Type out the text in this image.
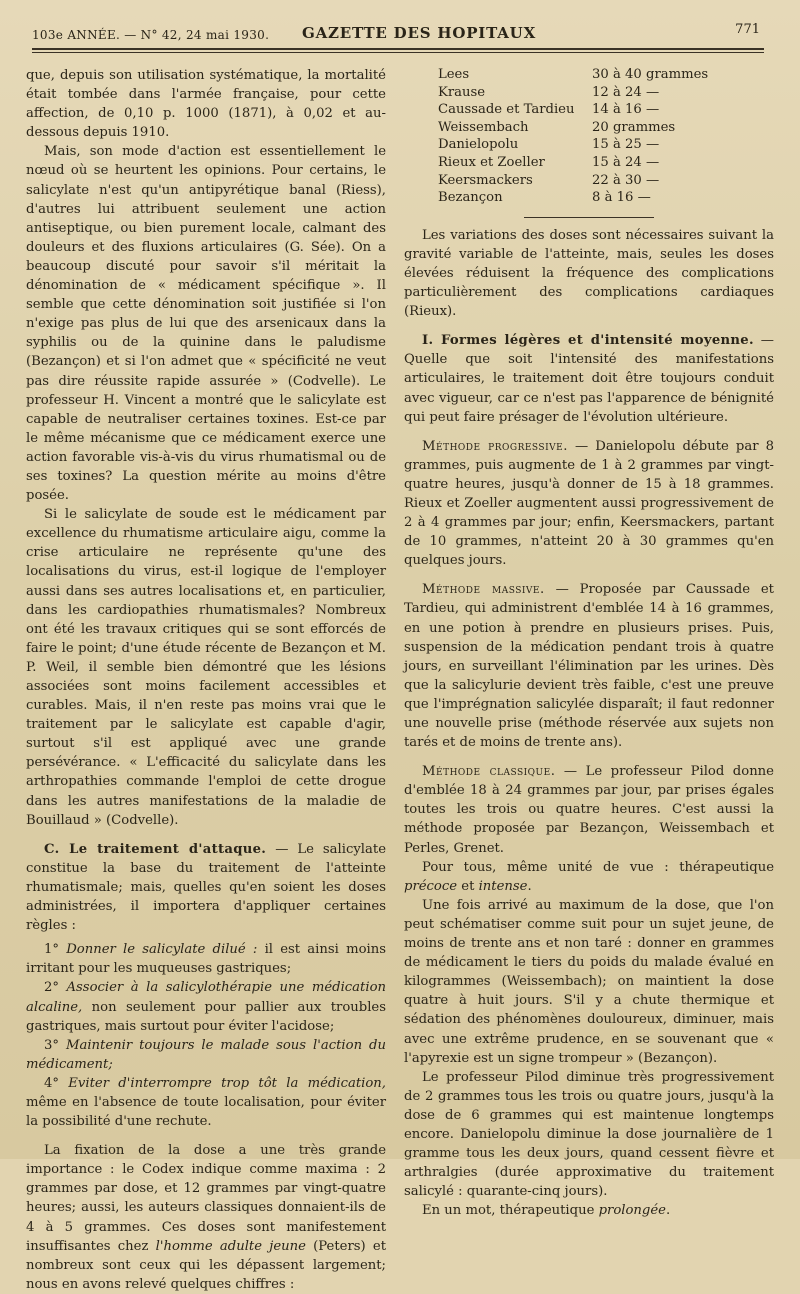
103e ANNÉE. — N° 42, 24 mai 1930. GAZETTE DES HOPITAUX	771

que, depuis son utilisation systématique, la mortalité était tombée dans l'armée française, pour cette affection, de 0,10 p. 1000 (1871), à 0,02 et au-dessous depuis 1910.

Mais, son mode d'action est essentiellement le nœud où se heurtent les opinions. Pour certains, le salicylate n'est qu'un antipyrétique banal (Riess), d'autres lui attribuent seulement une action antiseptique, ou bien purement locale, calmant des douleurs et des fluxions articulaires (G. Sée). On a beaucoup discuté pour savoir s'il méritait la dénomination de « médicament spécifique ». Il semble que cette dénomination soit justifiée si l'on n'exige pas plus de lui que des arsenicaux dans la syphilis ou de la quinine dans le paludisme (Bezançon) et si l'on admet que « spécificité ne veut pas dire réussite rapide assurée » (Codvelle). Le professeur H. Vincent a montré que le salicylate est capable de neutraliser certaines toxines. Est-ce par le même mécanisme que ce médicament exerce une action favorable vis-à-vis du virus rhumatismal ou de ses toxines? La question mérite au moins d'être posée.

Si le salicylate de soude est le médicament par excellence du rhumatisme articulaire aigu, comme la crise articulaire ne représente qu'une des localisations du virus, est-il logique de l'employer aussi dans ses autres localisations et, en particulier, dans les cardiopathies rhumatismales? Nombreux ont été les travaux critiques qui se sont efforcés de faire le point; d'une étude récente de Bezançon et M. P. Weil, il semble bien démontré que les lésions associées sont moins facilement accessibles et curables. Mais, il n'en reste pas moins vrai que le traitement par le salicylate est capable d'agir, surtout s'il est appliqué avec une grande persévérance. « L'efficacité du salicylate dans les arthropathies commande l'emploi de cette drogue dans les autres manifestations de la maladie de Bouillaud » (Codvelle).

C. Le traitement d'attaque. — Le salicylate constitue la base du traitement de l'atteinte rhumatismale; mais, quelles qu'en soient les doses administrées, il importera d'appliquer certaines règles :

1° Donner le salicylate dilué : il est ainsi moins irritant pour les muqueuses gastriques;

2° Associer à la salicylothérapie une médication alcaline, non seulement pour pallier aux troubles gastriques, mais surtout pour éviter l'acidose;

3° Maintenir toujours le malade sous l'action du médicament;

4° Eviter d'interrompre trop tôt la médication, même en l'absence de toute localisation, pour éviter la possibilité d'une rechute.

La fixation de la dose a une très grande importance : le Codex indique comme maxima : 2 grammes par dose, et 12 grammes par vingt-quatre heures; aussi, les auteurs classiques donnaient-ils de 4 à 5 grammes. Ces doses sont manifestement insuffisantes chez l'homme adulte jeune (Peters) et nombreux sont ceux qui les dépassent largement; nous en avons relevé quelques chiffres :

Lees	30 à 40 grammes
Krause	12 à 24 —
Caussade et Tardieu	14 à 16 —
Weissembach	20 grammes
Danielopolu	15 à 25 —
Rieux et Zoeller	15 à 24 —
Keersmackers	22 à 30 —
Bezançon	8 à 16 —

Les variations des doses sont nécessaires suivant la gravité variable de l'atteinte, mais, seules les doses élevées réduisent la fréquence des complications particulièrement des complications cardiaques (Rieux).

I. Formes légères et d'intensité moyenne. — Quelle que soit l'intensité des manifestations articulaires, le traitement doit être toujours conduit avec vigueur, car ce n'est pas l'apparence de bénignité qui peut faire présager de l'évolution ultérieure.

Méthode progressive. — Danielopolu débute par 8 grammes, puis augmente de 1 à 2 grammes par vingt-quatre heures, jusqu'à donner de 15 à 18 grammes. Rieux et Zoeller augmentent aussi progressivement de 2 à 4 grammes par jour; enfin, Keersmackers, partant de 10 grammes, n'atteint 20 à 30 grammes qu'en quelques jours.

Méthode massive. — Proposée par Caussade et Tardieu, qui administrent d'emblée 14 à 16 grammes, en une potion à prendre en plusieurs prises. Puis, suspension de la médication pendant trois à quatre jours, en surveillant l'élimination par les urines. Dès que la salicylurie devient très faible, c'est une preuve que l'imprégnation salicylée disparaît; il faut redonner une nouvelle prise (méthode réservée aux sujets non tarés et de moins de trente ans).

Méthode classique. — Le professeur Pilod donne d'emblée 18 à 24 grammes par jour, par prises égales toutes les trois ou quatre heures. C'est aussi la méthode proposée par Bezançon, Weissembach et Perles, Grenet.

Pour tous, même unité de vue : thérapeutique précoce et intense.

Une fois arrivé au maximum de la dose, que l'on peut schématiser comme suit pour un sujet jeune, de moins de trente ans et non taré : donner en grammes de médicament le tiers du poids du malade évalué en kilogrammes (Weissembach); on maintient la dose quatre à huit jours. S'il y a chute thermique et sédation des phénomènes douloureux, diminuer, mais avec une extrême prudence, en se souvenant que « l'apyrexie est un signe trompeur » (Bezançon).

Le professeur Pilod diminue très progressivement de 2 grammes tous les trois ou quatre jours, jusqu'à la dose de 6 grammes qui est maintenue longtemps encore. Danielopolu diminue la dose journalière de 1 gramme tous les deux jours, quand cessent fièvre et arthralgies (durée approximative du traitement salicylé : quarante-cinq jours).

En un mot, thérapeutique prolongée.
